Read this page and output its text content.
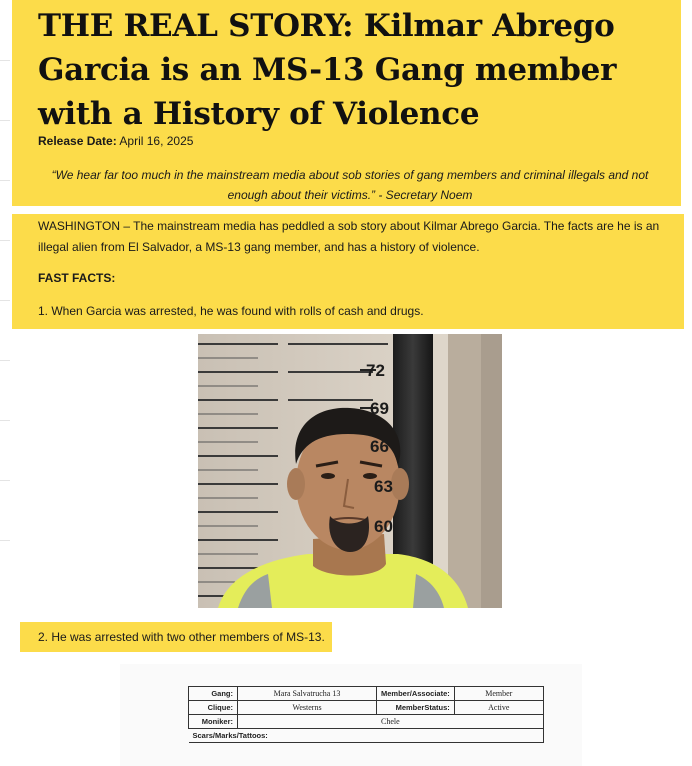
THE REAL STORY: Kilmar Abrego Garcia is an MS-13 Gang member with a History of Violence
Release Date: April 16, 2025
“We hear far too much in the mainstream media about sob stories of gang members and criminal illegals and not enough about their victims.” - Secretary Noem
WASHINGTON – The mainstream media has peddled a sob story about Kilmar Abrego Garcia. The facts are he is an illegal alien from El Salvador, a MS-13 gang member, and has a history of violence.
FAST FACTS:
1. When Garcia was arrested, he was found with rolls of cash and drugs.
72
69
66
63
60
2. He was arrested with two other members of MS-13.
Gang:	Mara Salvatrucha 13	Member/Associate:	Member
Clique:	Westerns	MemberStatus:	Active
Moniker:	Chele		
Scars/Marks/Tattoos:			
